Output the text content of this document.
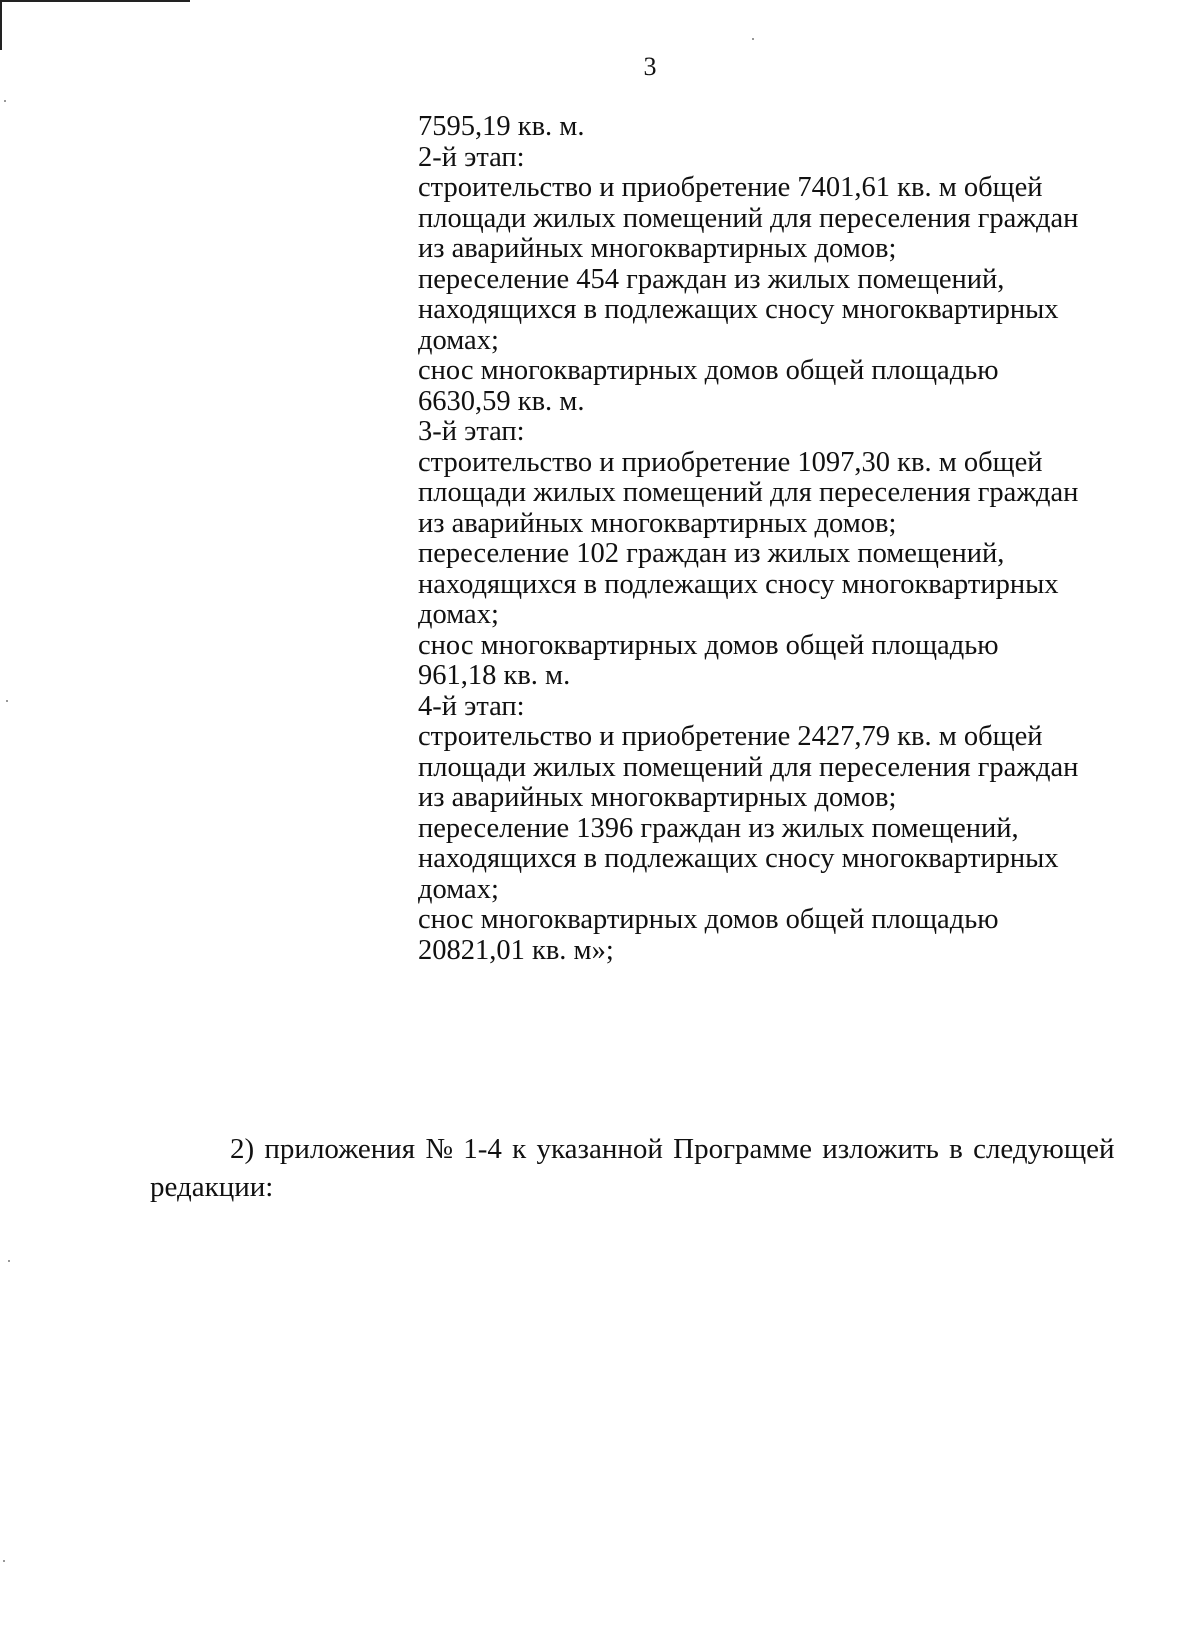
3
7595,19 кв. м.
2-й этап:
строительство и приобретение 7401,61 кв. м общей
площади жилых помещений для переселения граждан
из аварийных многоквартирных домов;
переселение 454 граждан из жилых помещений,
находящихся в подлежащих сносу многоквартирных
домах;
снос многоквартирных домов общей площадью
6630,59 кв. м.
3-й этап:
строительство и приобретение 1097,30 кв. м общей
площади жилых помещений для переселения граждан
из аварийных многоквартирных домов;
переселение 102 граждан из жилых помещений,
находящихся в подлежащих сносу многоквартирных
домах;
снос многоквартирных домов общей площадью
961,18 кв. м.
4-й этап:
строительство и приобретение 2427,79 кв. м общей
площади жилых помещений для переселения граждан
из аварийных многоквартирных домов;
переселение 1396 граждан из жилых помещений,
находящихся в подлежащих сносу многоквартирных
домах;
снос многоквартирных домов общей площадью
20821,01 кв. м»;
2) приложения № 1-4 к указанной Программе изложить в следующей
редакции:
